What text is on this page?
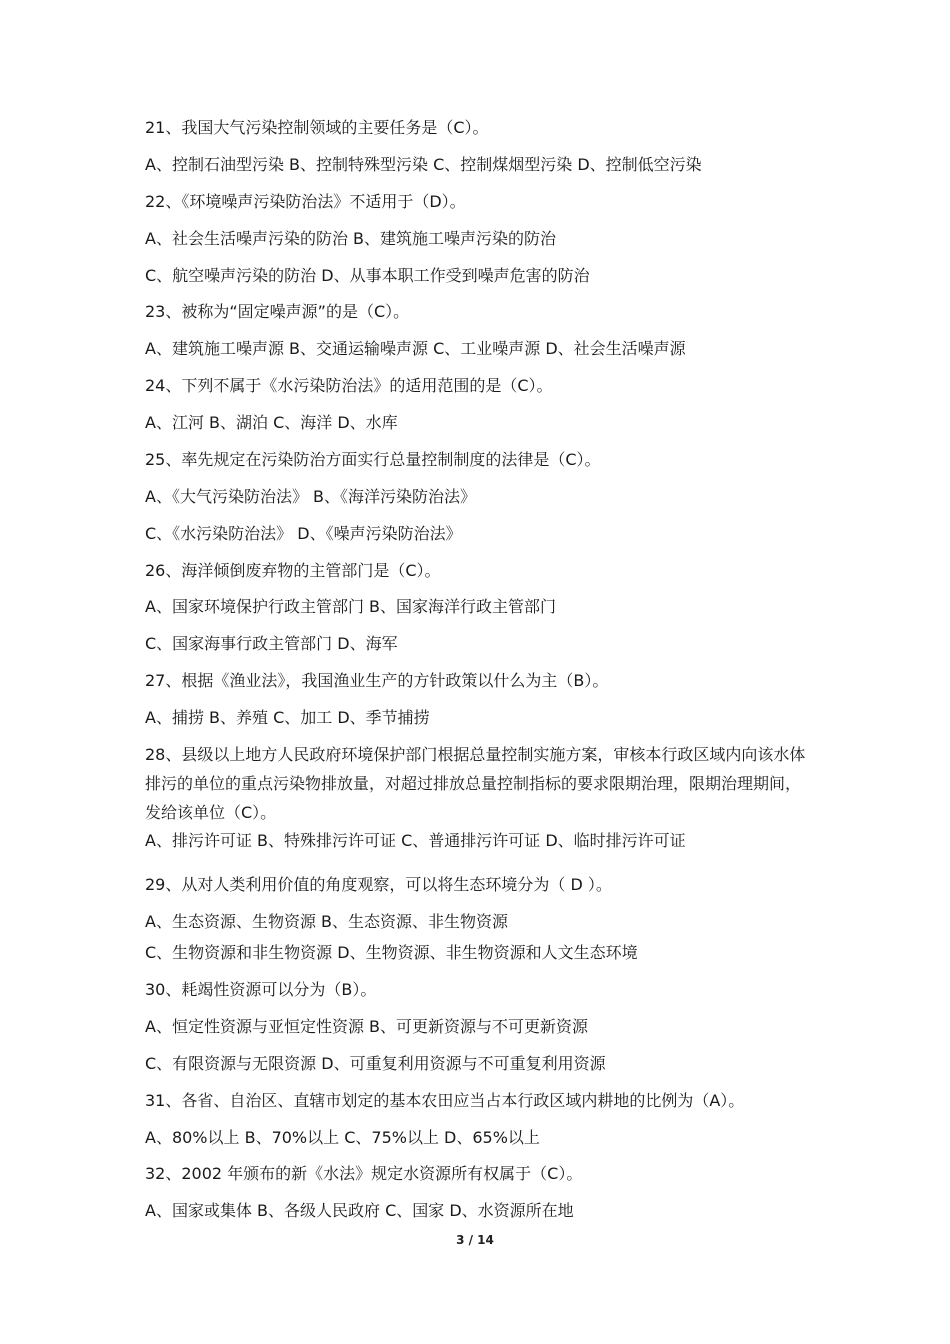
21、我国大气污染控制领域的主要任务是（C）。
A、控制石油型污染 B、控制特殊型污染 C、控制煤烟型污染 D、控制低空污染
22、《环境噪声污染防治法》不适用于（D）。
A、社会生活噪声污染的防治 B、建筑施工噪声污染的防治
C、航空噪声污染的防治 D、从事本职工作受到噪声危害的防治
23、被称为“固定噪声源”的是（C）。
A、建筑施工噪声源 B、交通运输噪声源 C、工业噪声源 D、社会生活噪声源
24、下列不属于《水污染防治法》的适用范围的是（C）。
A、江河 B、湖泊 C、海洋 D、水库
25、率先规定在污染防治方面实行总量控制制度的法律是（C）。
A、《大气污染防治法》 B、《海洋污染防治法》
C、《水污染防治法》 D、《噪声污染防治法》
26、海洋倾倒废弃物的主管部门是（C）。
A、国家环境保护行政主管部门 B、国家海洋行政主管部门
C、国家海事行政主管部门 D、海军
27、根据《渔业法》，我国渔业生产的方针政策以什么为主（B）。
A、捕捞 B、养殖 C、加工 D、季节捕捞
28、县级以上地方人民政府环境保护部门根据总量控制实施方案，审核本行政区域内向该水体排污的单位的重点污染物排放量，对超过排放总量控制指标的要求限期治理，限期治理期间，发给该单位（C）。
A、排污许可证 B、特殊排污许可证 C、普通排污许可证 D、临时排污许可证
29、从对人类利用价值的角度观察，可以将生态环境分为（ D ）。
A、生态资源、生物资源 B、生态资源、非生物资源
C、生物资源和非生物资源 D、生物资源、非生物资源和人文生态环境
30、耗竭性资源可以分为（B）。
A、恒定性资源与亚恒定性资源 B、可更新资源与不可更新资源
C、有限资源与无限资源 D、可重复利用资源与不可重复利用资源
31、各省、自治区、直辖市划定的基本农田应当占本行政区域内耕地的比例为（A）。
A、80%以上 B、70%以上 C、75%以上 D、65%以上
32、2002 年颁布的新《水法》规定水资源所有权属于（C）。
A、国家或集体 B、各级人民政府 C、国家 D、水资源所在地
3 / 14
